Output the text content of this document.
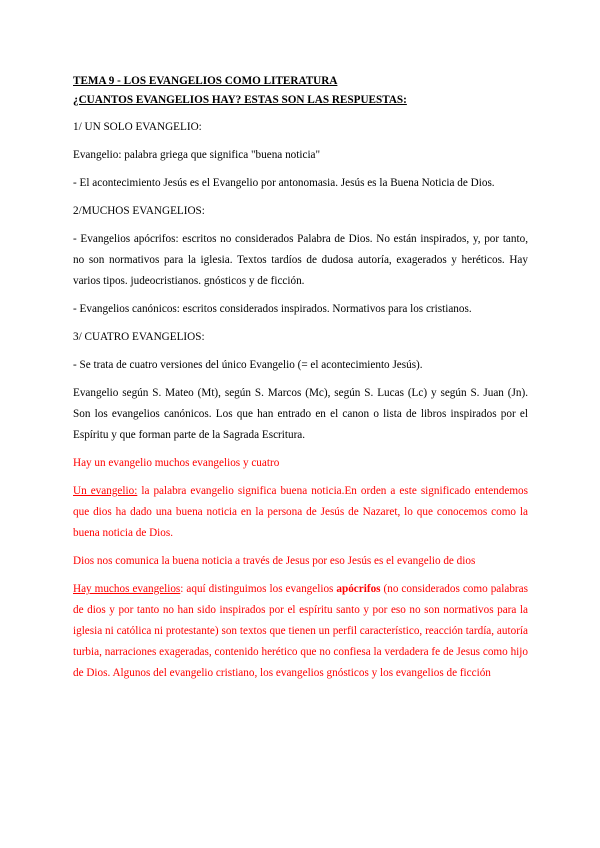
TEMA 9 - LOS EVANGELIOS COMO LITERATURA
¿CUANTOS EVANGELIOS HAY? ESTAS SON LAS RESPUESTAS:

1/ UN SOLO EVANGELIO:

Evangelio: palabra griega que significa "buena noticia"

- El acontecimiento Jesús es el Evangelio por antonomasia. Jesús es la Buena Noticia de Dios.

2/MUCHOS EVANGELIOS:

- Evangelios apócrifos: escritos no considerados Palabra de Dios. No están inspirados, y, por tanto, no son normativos para la iglesia. Textos tardíos de dudosa autoría, exagerados y heréticos. Hay varios tipos. judeocristianos. gnósticos y de ficción.

- Evangelios canónicos: escritos considerados inspirados. Normativos para los cristianos.

3/ CUATRO EVANGELIOS:

- Se trata de cuatro versiones del único Evangelio (= el acontecimiento Jesús).

Evangelio según S. Mateo (Mt), según S. Marcos (Mc), según S. Lucas (Lc) y según S. Juan (Jn). Son los evangelios canónicos. Los que han entrado en el canon o lista de libros inspirados por el Espíritu y que forman parte de la Sagrada Escritura.

Hay un evangelio muchos evangelios y cuatro

Un evangelio: la palabra evangelio significa buena noticia.En orden a este significado entendemos que dios ha dado una buena noticia en la persona de Jesús de Nazaret, lo que conocemos como la buena noticia de Dios.

Dios nos comunica la buena noticia a través de Jesus por eso Jesús es el evangelio de dios

Hay muchos evangelios: aquí distinguimos los evangelios apócrifos (no considerados como palabras de dios y por tanto no han sido inspirados por el espíritu santo y por eso no son normativos para la iglesia ni católica ni protestante) son textos que tienen un perfil característico, reacción tardía, autoría turbia, narraciones exageradas, contenido herético que no confiesa la verdadera fe de Jesus como hijo de Dios. Algunos del evangelio cristiano, los evangelios gnósticos y los evangelios de ficción
